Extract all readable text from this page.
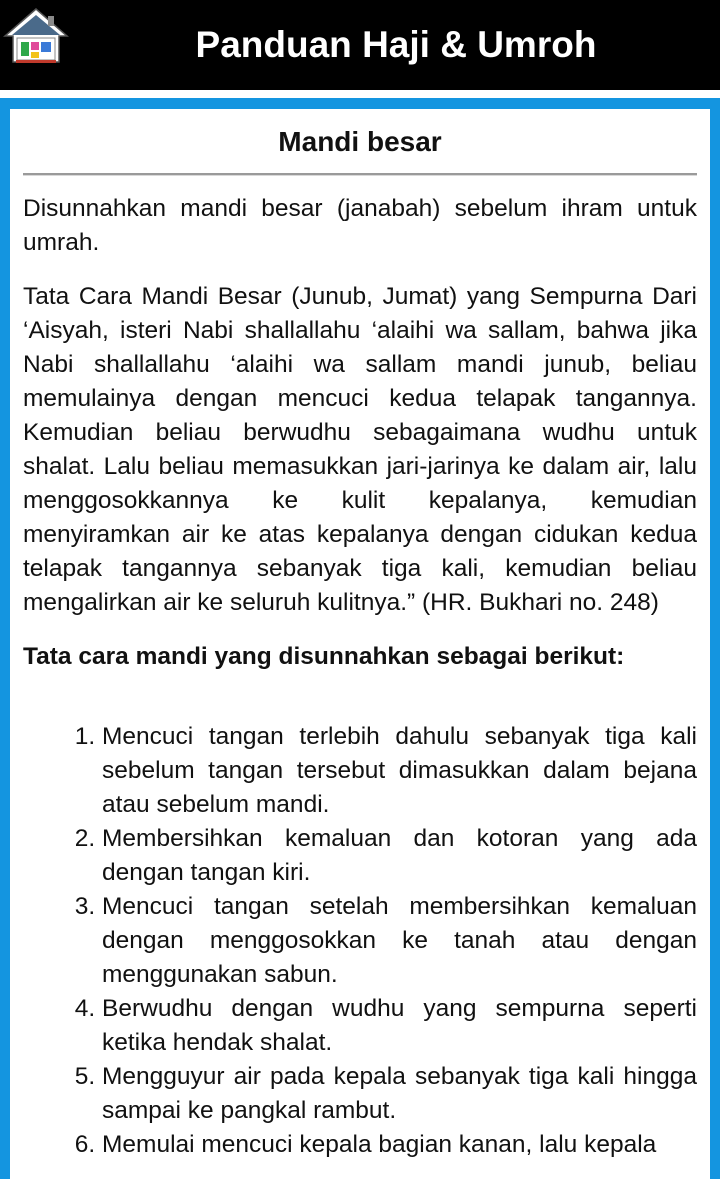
Panduan Haji & Umroh
Mandi besar

Disunnahkan mandi besar (janabah) sebelum ihram untuk umrah.

Tata Cara Mandi Besar (Junub, Jumat) yang Sempurna Dari ‘Aisyah, isteri Nabi shallallahu ‘alaihi wa sallam, bahwa jika Nabi shallallahu ‘alaihi wa sallam mandi junub, beliau memulainya dengan mencuci kedua telapak tangannya. Kemudian beliau berwudhu sebagaimana wudhu untuk shalat. Lalu beliau memasukkan jari-jarinya ke dalam air, lalu menggosokkannya ke kulit kepalanya, kemudian menyiramkan air ke atas kepalanya dengan cidukan kedua telapak tangannya sebanyak tiga kali, kemudian beliau mengalirkan air ke seluruh kulitnya.” (HR. Bukhari no. 248)

Tata cara mandi yang disunnahkan sebagai berikut:
1. Mencuci tangan terlebih dahulu sebanyak tiga kali sebelum tangan tersebut dimasukkan dalam bejana atau sebelum mandi.
2. Membersihkan kemaluan dan kotoran yang ada dengan tangan kiri.
3. Mencuci tangan setelah membersihkan kemaluan dengan menggosokkan ke tanah atau dengan menggunakan sabun.
4. Berwudhu dengan wudhu yang sempurna seperti ketika hendak shalat.
5. Mengguyur air pada kepala sebanyak tiga kali hingga sampai ke pangkal rambut.
6. Memulai mencuci kepala bagian kanan, lalu kepala
